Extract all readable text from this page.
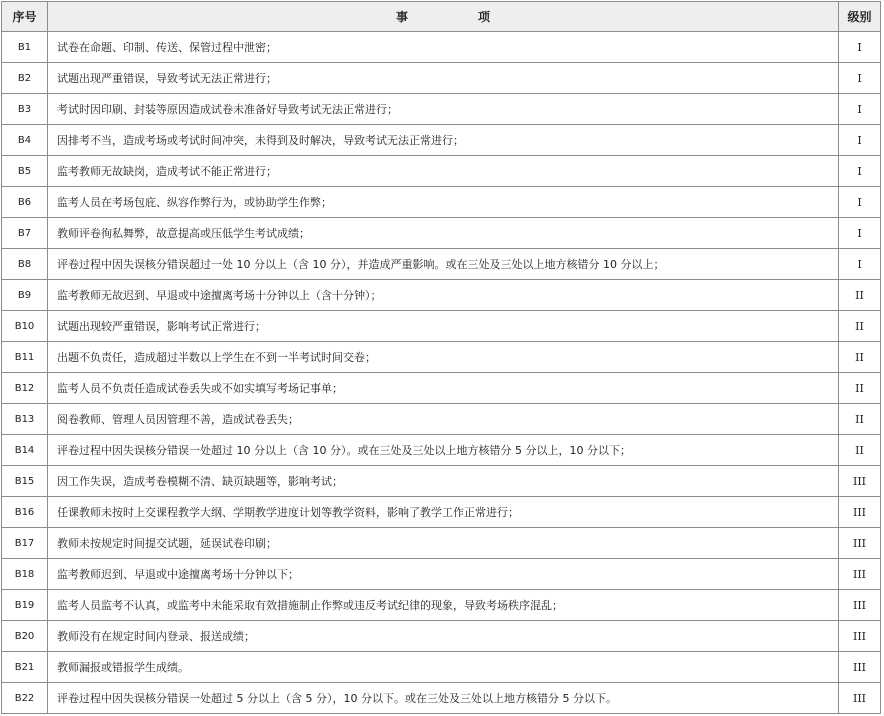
序号	事 项	级别
B1	试卷在命题、印制、传送、保管过程中泄密；	I
B2	试题出现严重错误，导致考试无法正常进行；	I
B3	考试时因印刷、封装等原因造成试卷未准备好导致考试无法正常进行；	I
B4	因排考不当，造成考场或考试时间冲突，未得到及时解决，导致考试无法正常进行；	I
B5	监考教师无故缺岗，造成考试不能正常进行；	I
B6	监考人员在考场包庇、纵容作弊行为，或协助学生作弊；	I
B7	教师评卷徇私舞弊，故意提高或压低学生考试成绩；	I
B8	评卷过程中因失误核分错误超过一处 10 分以上（含 10 分），并造成严重影响。或在三处及三处以上地方核错分 10 分以上；	I
B9	监考教师无故迟到、早退或中途擅离考场十分钟以上（含十分钟）；	II
B10	试题出现较严重错误，影响考试正常进行；	II
B11	出题不负责任，造成超过半数以上学生在不到一半考试时间交卷；	II
B12	监考人员不负责任造成试卷丢失或不如实填写考场记事单；	II
B13	阅卷教师、管理人员因管理不善，造成试卷丢失；	II
B14	评卷过程中因失误核分错误一处超过 10 分以上（含 10 分）。或在三处及三处以上地方核错分 5 分以上，10 分以下；	II
B15	因工作失误，造成考卷模糊不清、缺页缺题等，影响考试；	III
B16	任课教师未按时上交课程教学大纲、学期教学进度计划等教学资料，影响了教学工作正常进行；	III
B17	教师未按规定时间提交试题，延误试卷印刷；	III
B18	监考教师迟到、早退或中途擅离考场十分钟以下；	III
B19	监考人员监考不认真，或监考中未能采取有效措施制止作弊或违反考试纪律的现象，导致考场秩序混乱；	III
B20	教师没有在规定时间内登录、报送成绩；	III
B21	教师漏报或错报学生成绩。	III
B22	评卷过程中因失误核分错误一处超过 5 分以上（含 5 分），10 分以下。或在三处及三处以上地方核错分 5 分以下。	III
